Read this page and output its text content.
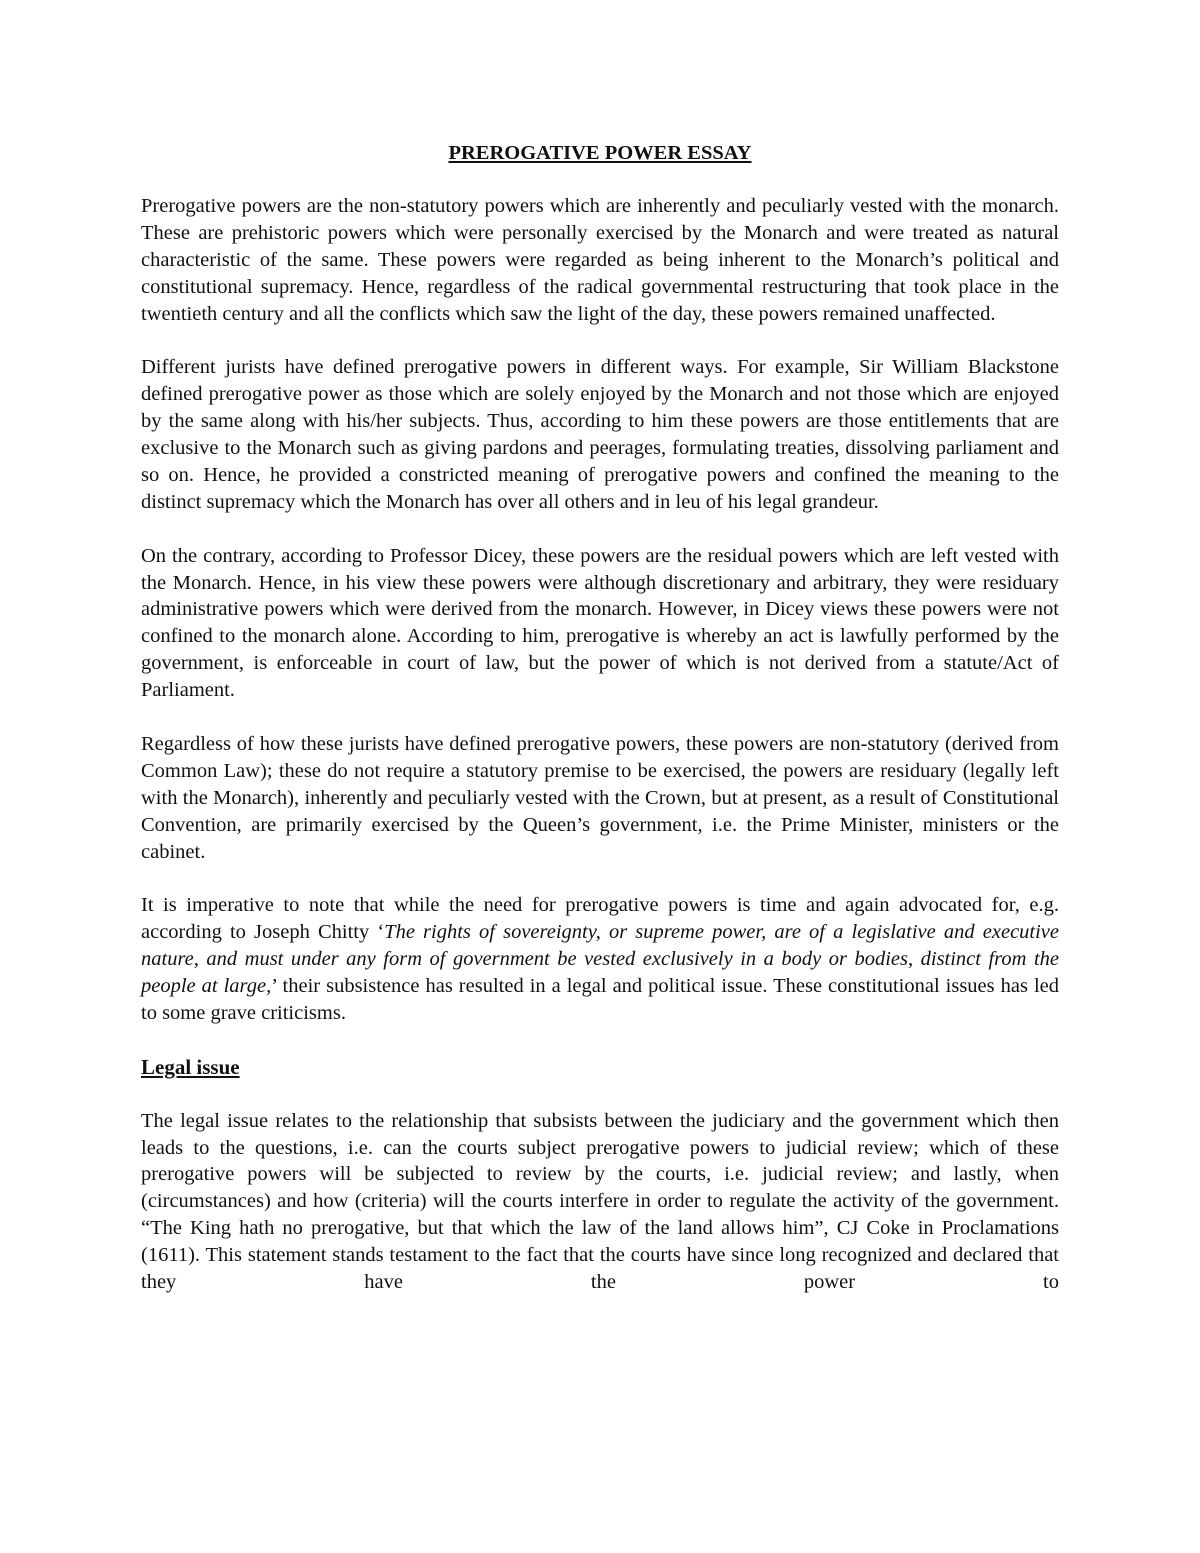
PREROGATIVE POWER ESSAY

Prerogative powers are the non-statutory powers which are inherently and peculiarly vested with the monarch. These are prehistoric powers which were personally exercised by the Monarch and were treated as natural characteristic of the same. These powers were regarded as being inherent to the Monarch’s political and constitutional supremacy. Hence, regardless of the radical governmental restructuring that took place in the twentieth century and all the conflicts which saw the light of the day, these powers remained unaffected.

Different jurists have defined prerogative powers in different ways. For example, Sir William Blackstone defined prerogative power as those which are solely enjoyed by the Monarch and not those which are enjoyed by the same along with his/her subjects. Thus, according to him these powers are those entitlements that are exclusive to the Monarch such as giving pardons and peerages, formulating treaties, dissolving parliament and so on. Hence, he provided a constricted meaning of prerogative powers and confined the meaning to the distinct supremacy which the Monarch has over all others and in leu of his legal grandeur.

On the contrary, according to Professor Dicey, these powers are the residual powers which are left vested with the Monarch. Hence, in his view these powers were although discretionary and arbitrary, they were residuary administrative powers which were derived from the monarch. However, in Dicey views these powers were not confined to the monarch alone. According to him, prerogative is whereby an act is lawfully performed by the government, is enforceable in court of law, but the power of which is not derived from a statute/Act of Parliament.

Regardless of how these jurists have defined prerogative powers, these powers are non-statutory (derived from Common Law); these do not require a statutory premise to be exercised, the powers are residuary (legally left with the Monarch), inherently and peculiarly vested with the Crown, but at present, as a result of Constitutional Convention, are primarily exercised by the Queen’s government, i.e. the Prime Minister, ministers or the cabinet.

It is imperative to note that while the need for prerogative powers is time and again advocated for, e.g. according to Joseph Chitty ‘The rights of sovereignty, or supreme power, are of a legislative and executive nature, and must under any form of government be vested exclusively in a body or bodies, distinct from the people at large,’ their subsistence has resulted in a legal and political issue. These constitutional issues has led to some grave criticisms.

Legal issue

The legal issue relates to the relationship that subsists between the judiciary and the government which then leads to the questions, i.e. can the courts subject prerogative powers to judicial review; which of these prerogative powers will be subjected to review by the courts, i.e. judicial review; and lastly, when (circumstances) and how (criteria) will the courts interfere in order to regulate the activity of the government. “The King hath no prerogative, but that which the law of the land allows him”, CJ Coke in Proclamations (1611). This statement stands testament to the fact that the courts have since long recognized and declared that they have the power to
